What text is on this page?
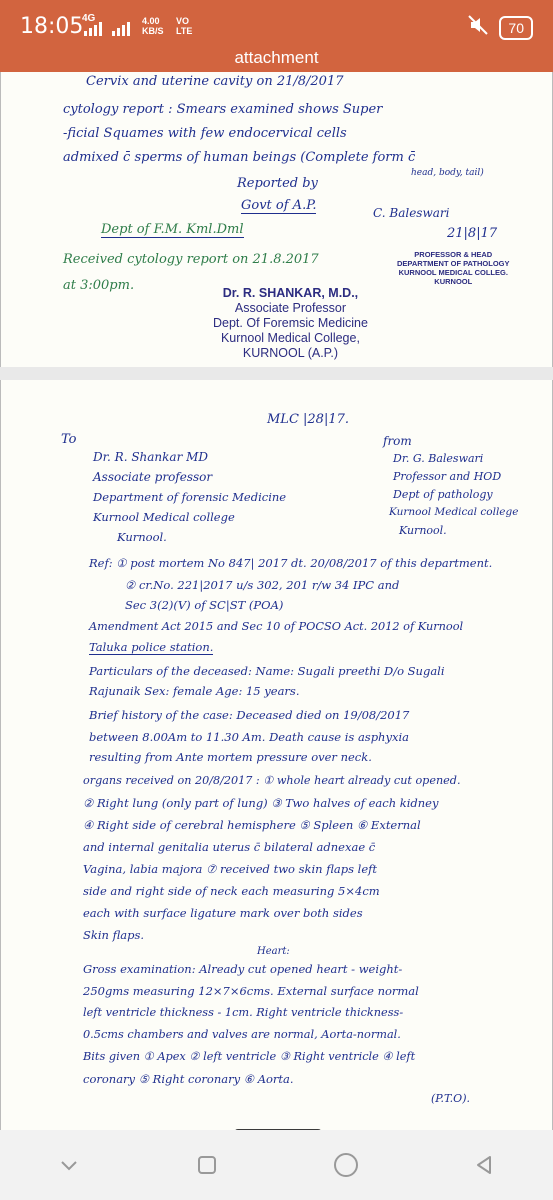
18:05
4G	4.00
KB/S
VO
LTE	70
attachment
Cervix and uterine cavity on 21/8/2017
cytology report : Smears examined shows Super
-ficial Squames with few endocervical cells
admixed c̄ sperms of human beings (Complete form c̄
head, body, tail)
Reported by
Govt of A.P.	C. Baleswari
21|8|17
Dept of F.M. Kml.Dml
Received cytology report on 21.8.2017
at 3:00pm.
PROFESSOR & HEAD
DEPARTMENT OF PATHOLOGY
KURNOOL MEDICAL COLLEG.
KURNOOL
Dr. R. SHANKAR, M.D.,
Associate Professor
Dept. Of Foremsic Medicine
Kurnool Medical College,
KURNOOL (A.P.)
MLC |28|17.
To	from
Dr. R. Shankar MD
Associate professor
Department of forensic Medicine
Kurnool Medical college
Kurnool.
Dr. G. Baleswari
Professor and HOD
Dept of pathology
Kurnool Medical college
Kurnool.
Ref: ① post mortem No 847| 2017 dt. 20/08/2017 of this department.
② cr.No. 221|2017 u/s 302, 201 r/w 34 IPC and
Sec 3(2)(V) of SC|ST (POA)
Amendment Act 2015 and Sec 10 of POCSO Act. 2012 of Kurnool
Taluka police station.
Particulars of the deceased: Name: Sugali preethi D/o Sugali
Rajunaik Sex: female Age: 15 years.
Brief history of the case: Deceased died on 19/08/2017
between 8.00Am to 11.30 Am. Death cause is asphyxia
resulting from Ante mortem pressure over neck.
organs received on 20/8/2017 : ① whole heart already cut opened.
② Right lung (only part of lung) ③ Two halves of each kidney
④ Right side of cerebral hemisphere ⑤ Spleen ⑥ External
and internal genitalia uterus c̄ bilateral adnexae c̄
Vagina, labia majora ⑦ received two skin flaps left
side and right side of neck each measuring 5×4cm
each with surface ligature mark over both sides
Skin flaps.
Heart:
Gross examination: Already cut opened heart - weight-
250gms measuring 12×7×6cms. External surface normal
left ventricle thickness - 1cm. Right ventricle thickness-
0.5cms chambers and valves are normal, Aorta-normal.
Bits given ① Apex ② left ventricle ③ Right ventricle ④ left
coronary ⑤ Right coronary ⑥ Aorta.
(P.T.O).
